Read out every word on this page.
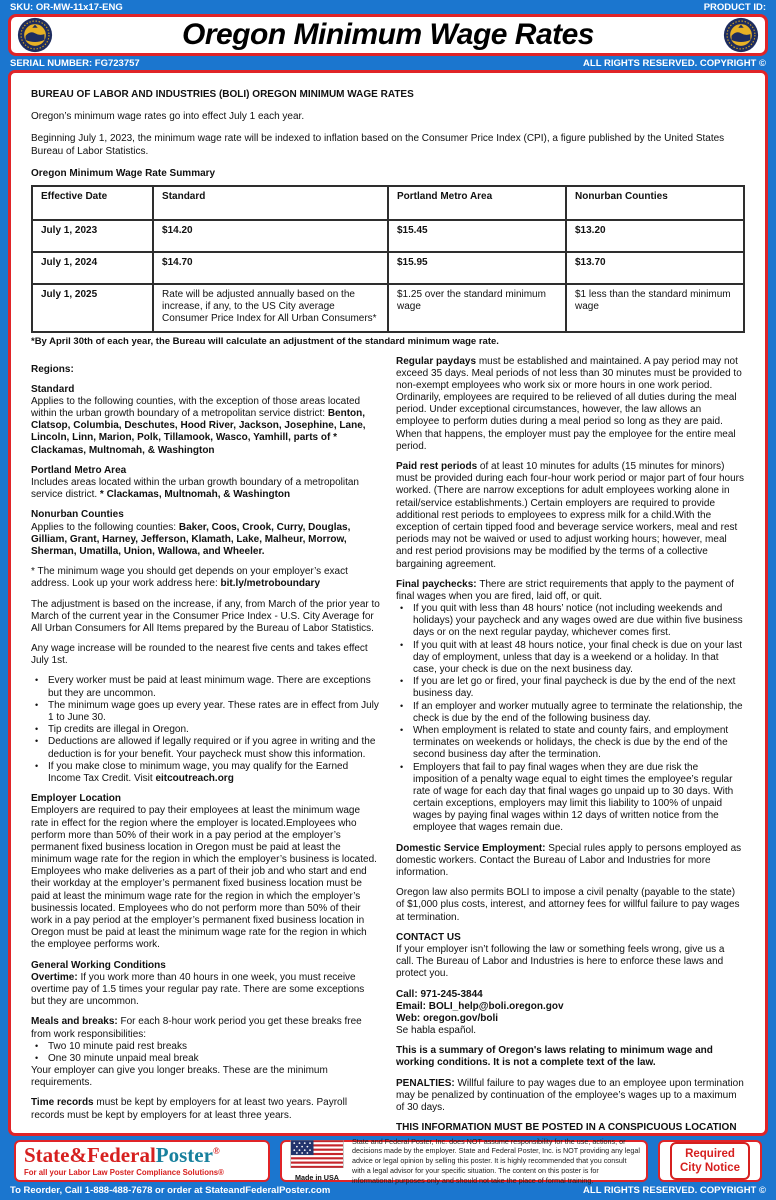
SKU: OR-MW-11x17-ENG	PRODUCT ID:
Oregon Minimum Wage Rates
SERIAL NUMBER: FG723757	ALL RIGHTS RESERVED. COPYRIGHT ©
BUREAU OF LABOR AND INDUSTRIES (BOLI) OREGON MINIMUM WAGE RATES
Oregon’s minimum wage rates go into effect July 1 each year.
Beginning July 1, 2023, the minimum wage rate will be indexed to inflation based on the Consumer Price Index (CPI), a figure published by the United States Bureau of Labor Statistics.
Oregon Minimum Wage Rate Summary
Effective Date	Standard	Portland Metro Area	Nonurban Counties
July 1, 2023	$14.20	$15.45	$13.20
July 1, 2024	$14.70	$15.95	$13.70
July 1, 2025	Rate will be adjusted annually based on the increase, if any, to the US City average Consumer Price Index for All Urban Consumers*	$1.25 over the standard minimum wage	$1 less than the standard minimum wage
*By April 30th of each year, the Bureau will calculate an adjustment of the standard minimum wage rate.
Regions:
Standard
Applies to the following counties, with the exception of those areas located within the urban growth boundary of a metropolitan service district: Benton, Clatsop, Columbia, Deschutes, Hood River, Jackson, Josephine, Lane, Lincoln, Linn, Marion, Polk, Tillamook, Wasco, Yamhill, parts of * Clackamas, Multnomah, & Washington
Portland Metro Area
Includes areas located within the urban growth boundary of a metropolitan service district. * Clackamas, Multnomah, & Washington
Nonurban Counties
Applies to the following counties: Baker, Coos, Crook, Curry, Douglas, Gilliam, Grant, Harney, Jefferson, Klamath, Lake, Malheur, Morrow, Sherman, Umatilla, Union, Wallowa, and Wheeler.
* The minimum wage you should get depends on your employer’s exact address. Look up your work address here: bit.ly/metroboundary
The adjustment is based on the increase, if any, from March of the prior year to March of the current year in the Consumer Price Index - U.S. City Average for All Urban Consumers for All Items prepared by the Bureau of Labor Statistics.
Any wage increase will be rounded to the nearest five cents and takes effect July 1st.
• Every worker must be paid at least minimum wage. There are exceptions but they are uncommon.
• The minimum wage goes up every year. These rates are in effect from July 1 to June 30.
• Tip credits are illegal in Oregon.
• Deductions are allowed if legally required or if you agree in writing and the deduction is for your benefit. Your paycheck must show this information.
• If you make close to minimum wage, you may qualify for the Earned Income Tax Credit. Visit eitcoutreach.org
Employer Location
Employers are required to pay their employees at least the minimum wage rate in effect for the region where the employer is located.Employees who perform more than 50% of their work in a pay period at the employer’s permanent fixed business location in Oregon must be paid at least the minimum wage rate for the region in which the employer’s business is located. Employees who make deliveries as a part of their job and who start and end their workday at the employer’s permanent fixed business location must be paid at least the minimum wage rate for the region in which the employer’s businessis located. Employees who do not perform more than 50% of their work in a pay period at the employer’s permanent fixed business location in Oregon must be paid at least the minimum wage rate for the region in which the employee performs work.
General Working Conditions
Overtime: If you work more than 40 hours in one week, you must receive overtime pay of 1.5 times your regular pay rate. There are some exceptions but they are uncommon.
Meals and breaks: For each 8-hour work period you get these breaks free from work responsibilities:
• Two 10 minute paid rest breaks
• One 30 minute unpaid meal break
Your employer can give you longer breaks. These are the minimum requirements.
Time records must be kept by employers for at least two years. Payroll records must be kept by employers for at least three years.
Regular paydays must be established and maintained. A pay period may not exceed 35 days. Meal periods of not less than 30 minutes must be provided to non-exempt employees who work six or more hours in one work period. Ordinarily, employees are required to be relieved of all duties during the meal period. Under exceptional circumstances, however, the law allows an employee to perform duties during a meal period so long as they are paid. When that happens, the employer must pay the employee for the entire meal period.
Paid rest periods of at least 10 minutes for adults (15 minutes for minors) must be provided during each four-hour work period or major part of four hours worked. (There are narrow exceptions for adult employees working alone in retail/service establishments.) Certain employers are required to provide additional rest periods to employees to express milk for a child.With the exception of certain tipped food and beverage service workers, meal and rest periods may not be waived or used to adjust working hours; however, meal and rest period provisions may be modified by the terms of a collective bargaining agreement.
Final paychecks: There are strict requirements that apply to the payment of final wages when you are fired, laid off, or quit.
• If you quit with less than 48 hours’ notice (not including weekends and holidays) your paycheck and any wages owed are due within five business days or on the next regular payday, whichever comes first.
• If you quit with at least 48 hours notice, your final check is due on your last day of employment, unless that day is a weekend or a holiday. In that case, your check is due on the next business day.
• If you are let go or fired, your final paycheck is due by the end of the next business day.
• If an employer and worker mutually agree to terminate the relationship, the check is due by the end of the following business day.
• When employment is related to state and county fairs, and employment terminates on weekends or holidays, the check is due by the end of the second business day after the termination.
• Employers that fail to pay final wages when they are due risk the imposition of a penalty wage equal to eight times the employee’s regular rate of wage for each day that final wages go unpaid up to 30 days. With certain exceptions, employers may limit this liability to 100% of unpaid wages by paying final wages within 12 days of written notice from the employee that wages remain due.
Domestic Service Employment: Special rules apply to persons employed as domestic workers. Contact the Bureau of Labor and Industries for more information.
Oregon law also permits BOLI to impose a civil penalty (payable to the state) of $1,000 plus costs, interest, and attorney fees for willful failure to pay wages at termination.
CONTACT US
If your employer isn’t following the law or something feels wrong, give us a call. The Bureau of Labor and Industries is here to enforce these laws and protect you.
Call: 971-245-3844
Email: BOLI_help@boli.oregon.gov
Web: oregon.gov/boli
Se habla español.
This is a summary of Oregon's laws relating to minimum wage and working conditions. It is not a complete text of the law.
PENALTIES: Willful failure to pay wages due to an employee upon termination may be penalized by continuation of the employee’s wages up to a maximum of 30 days.
THIS INFORMATION MUST BE POSTED IN A CONSPICUOUS LOCATION
State&FederalPoster®
For all your Labor Law Poster Compliance Solutions®
Made in USA
State and Federal Poster, Inc. does NOT assume responsibility for the use, actions, or decisions made by the employer. State and Federal Poster, Inc. is NOT providing any legal advice or legal opinion by selling this poster. It is highly recommended that you consult with a legal advisor for your specific situation. The content on this poster is for informational purposes only and should not take the place of formal training.
Required
City Notice
To Reorder, Call 1-888-488-7678 or order at StateandFederalPoster.com	ALL RIGHTS RESERVED. COPYRIGHT ©
